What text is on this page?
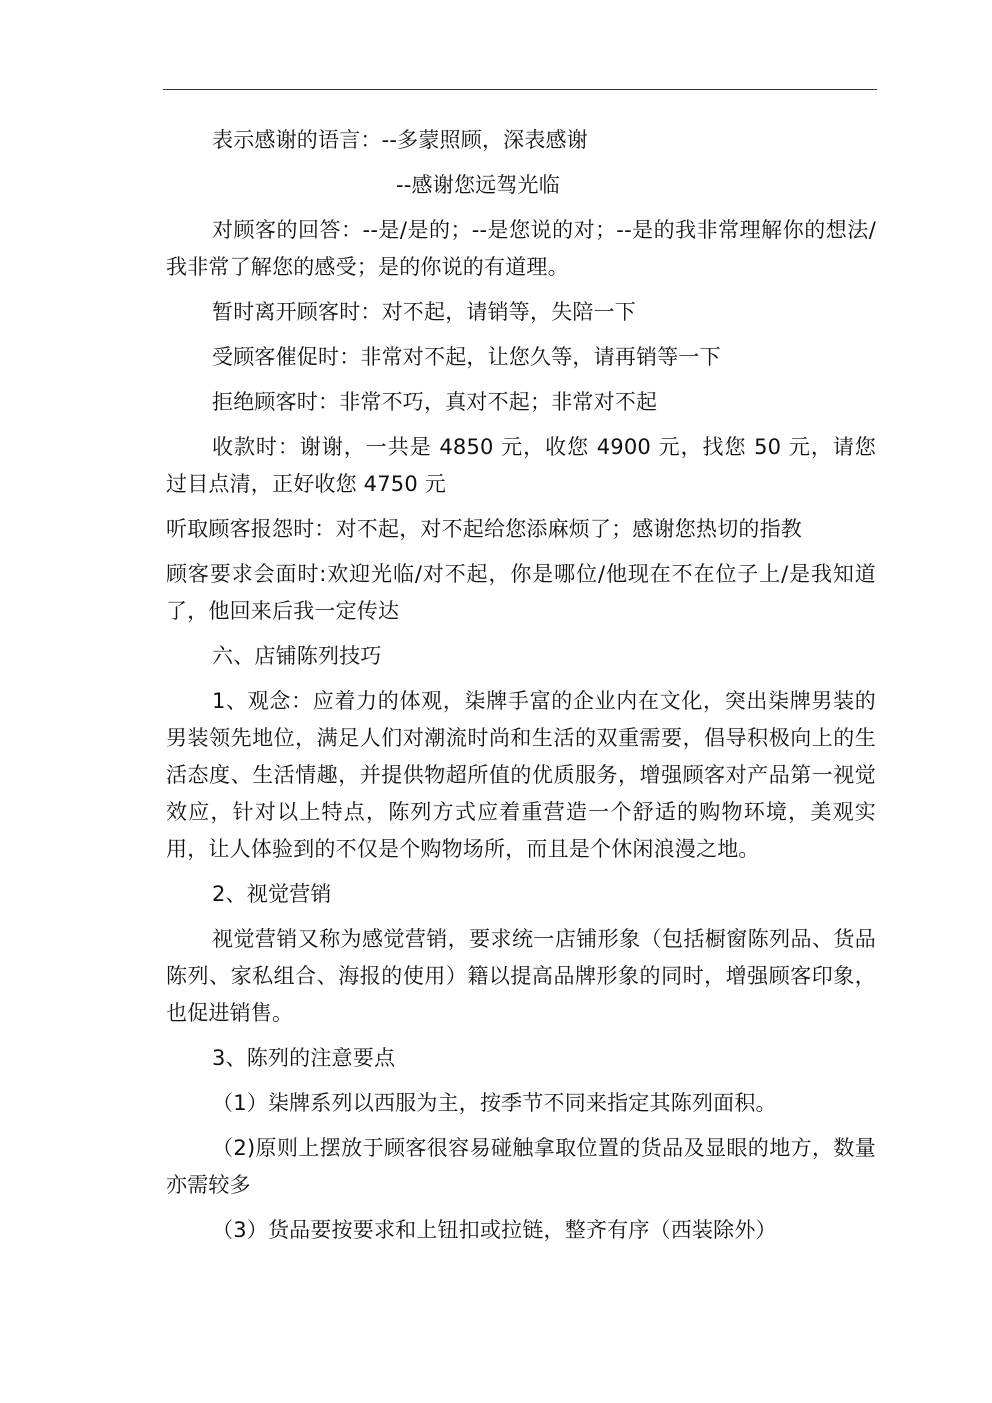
表示感谢的语言：--多蒙照顾，深表感谢

--感谢您远驾光临

对顾客的回答：--是/是的；--是您说的对；--是的我非常理解你的想法/我非常了解您的感受；是的你说的有道理。

暂时离开顾客时：对不起，请销等，失陪一下

受顾客催促时：非常对不起，让您久等，请再销等一下

拒绝顾客时：非常不巧，真对不起；非常对不起

收款时：谢谢，一共是 4850 元，收您 4900 元，找您 50 元，请您过目点清，正好收您 4750 元

听取顾客报怨时：对不起，对不起给您添麻烦了；感谢您热切的指教

顾客要求会面时:欢迎光临/对不起，你是哪位/他现在不在位子上/是我知道了，他回来后我一定传达

六、店铺陈列技巧

1、观念：应着力的体观，柒牌手富的企业内在文化，突出柒牌男装的男装领先地位，满足人们对潮流时尚和生活的双重需要，倡导积极向上的生活态度、生活情趣，并提供物超所值的优质服务，增强顾客对产品第一视觉效应，针对以上特点，陈列方式应着重营造一个舒适的购物环境，美观实用，让人体验到的不仅是个购物场所，而且是个休闲浪漫之地。

2、视觉营销

视觉营销又称为感觉营销，要求统一店铺形象（包括橱窗陈列品、货品陈列、家私组合、海报的使用）籍以提高品牌形象的同时，增强顾客印象，也促进销售。

3、陈列的注意要点

（1）柒牌系列以西服为主，按季节不同来指定其陈列面积。

（2)原则上摆放于顾客很容易碰触拿取位置的货品及显眼的地方，数量亦需较多

（3）货品要按要求和上钮扣或拉链，整齐有序（西装除外）
